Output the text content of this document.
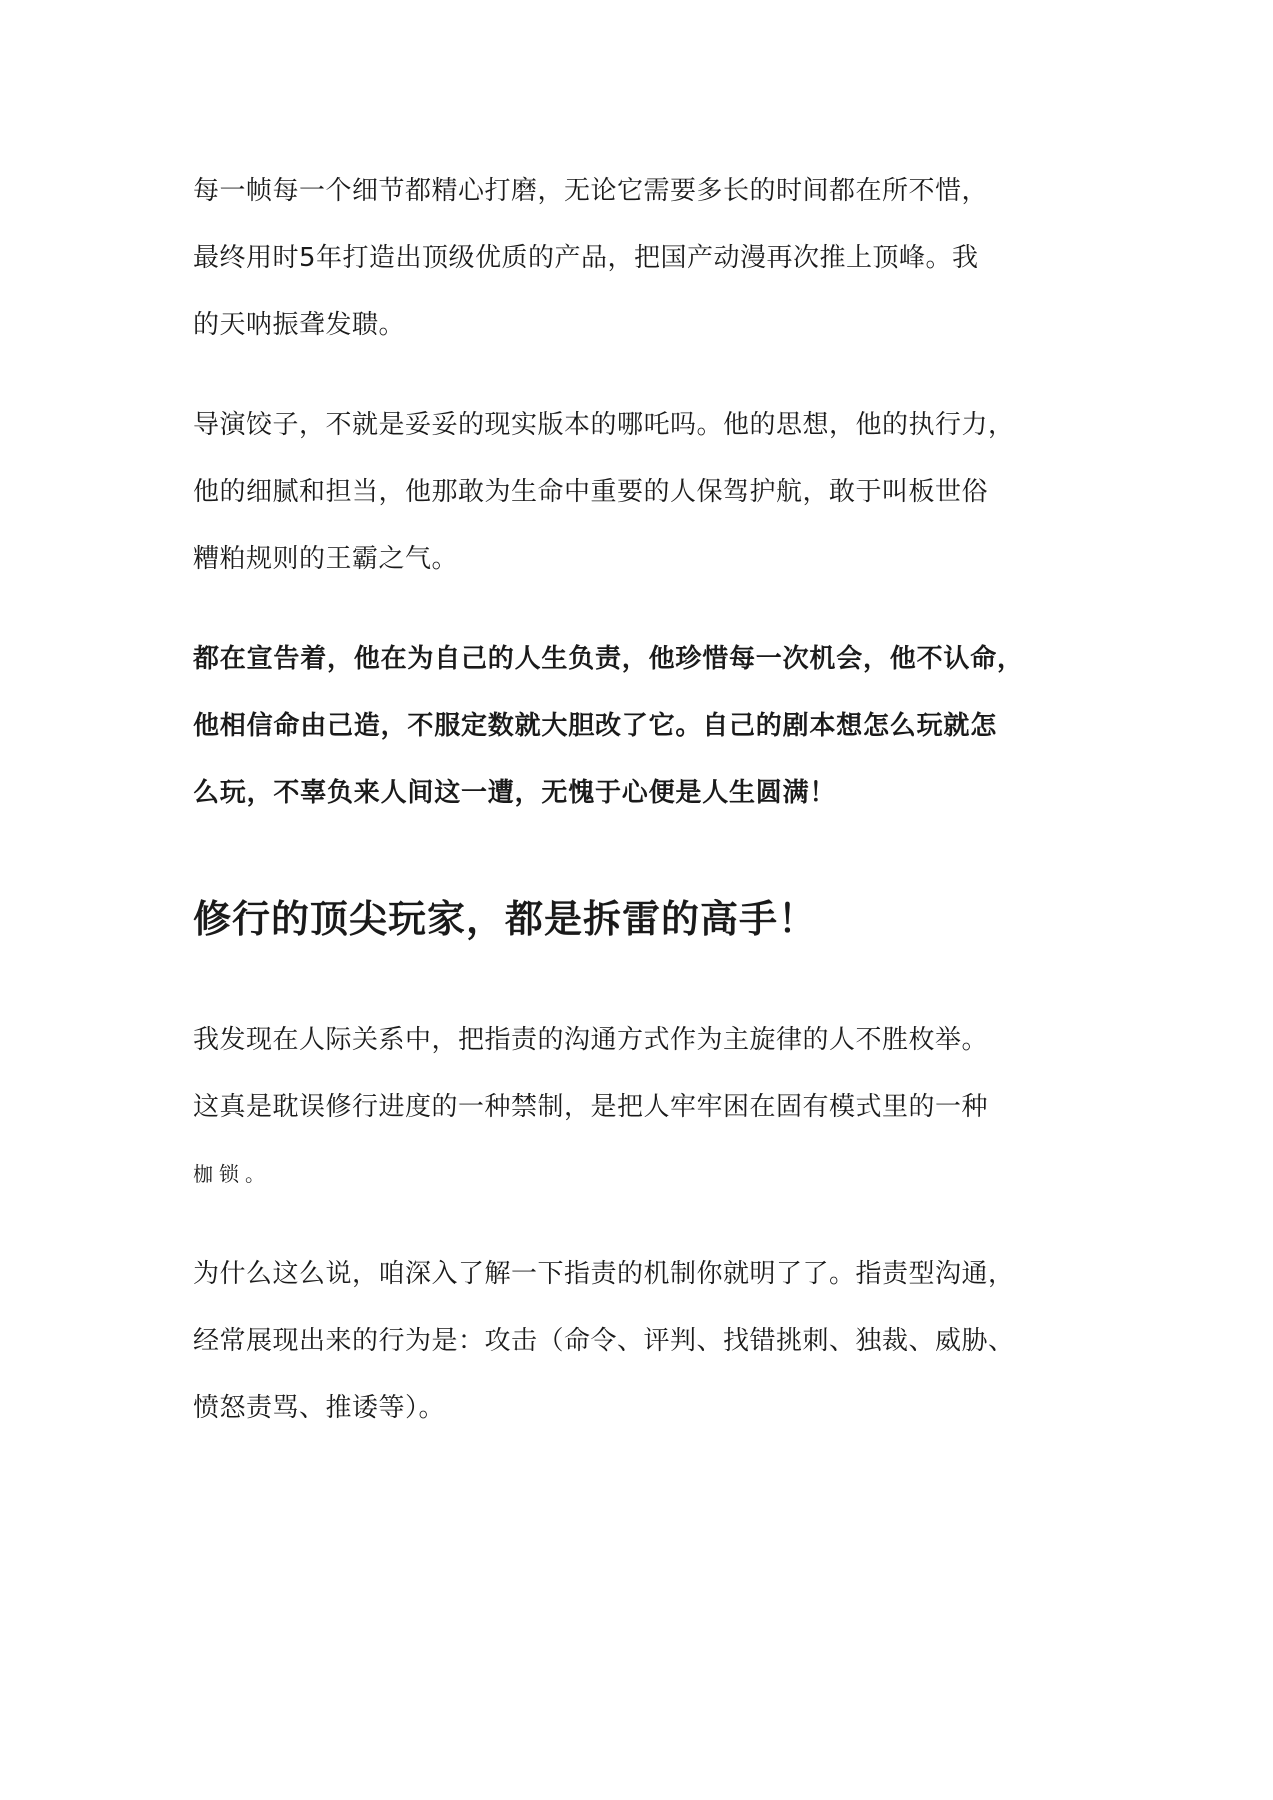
每一帧每一个细节都精心打磨，无论它需要多长的时间都在所不惜，
最终用时5年打造出顶级优质的产品，把国产动漫再次推上顶峰。我
的天呐振聋发聩。

导演饺子，不就是妥妥的现实版本的哪吒吗。他的思想，他的执行力，
他的细腻和担当，他那敢为生命中重要的人保驾护航，敢于叫板世俗
糟粕规则的王霸之气。

都在宣告着，他在为自己的人生负责，他珍惜每一次机会，他不认命，
他相信命由己造，不服定数就大胆改了它。自己的剧本想怎么玩就怎
么玩，不辜负来人间这一遭，无愧于心便是人生圆满！

修行的顶尖玩家，都是拆雷的高手！

我发现在人际关系中，把指责的沟通方式作为主旋律的人不胜枚举。
这真是耽误修行进度的一种禁制，是把人牢牢困在固有模式里的一种
枷锁。

为什么这么说，咱深入了解一下指责的机制你就明了了。指责型沟通，
经常展现出来的行为是：攻击（命令、评判、找错挑刺、独裁、威胁、
愤怒责骂、推诿等）。
